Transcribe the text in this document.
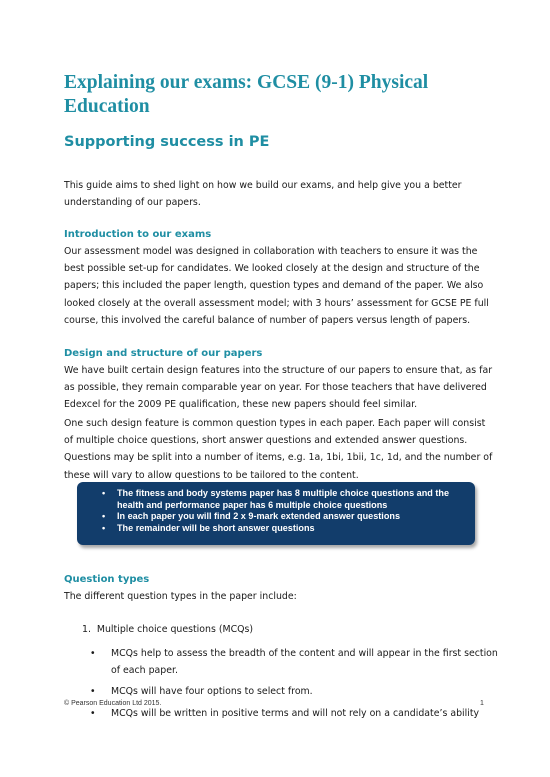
Explaining our exams: GCSE (9-1) Physical Education
Supporting success in PE

This guide aims to shed light on how we build our exams, and help give you a better understanding of our papers.

Introduction to our exams

Our assessment model was designed in collaboration with teachers to ensure it was the best possible set-up for candidates. We looked closely at the design and structure of the papers; this included the paper length, question types and demand of the paper. We also looked closely at the overall assessment model; with 3 hours’ assessment for GCSE PE full course, this involved the careful balance of number of papers versus length of papers.

Design and structure of our papers

We have built certain design features into the structure of our papers to ensure that, as far as possible, they remain comparable year on year. For those teachers that have delivered Edexcel for the 2009 PE qualification, these new papers should feel similar.

One such design feature is common question types in each paper. Each paper will consist of multiple choice questions, short answer questions and extended answer questions. Questions may be split into a number of items, e.g. 1a, 1bi, 1bii, 1c, 1d, and the number of these will vary to allow questions to be tailored to the content.

• The fitness and body systems paper has 8 multiple choice questions and the health and performance paper has 6 multiple choice questions
• In each paper you will find 2 x 9-mark extended answer questions
• The remainder will be short answer questions
Question types

The different question types in the paper include:

1.  Multiple choice questions (MCQs)

• MCQs help to assess the breadth of the content and will appear in the first section of each paper.
• MCQs will have four options to select from.
• MCQs will be written in positive terms and will not rely on a candidate’s ability
© Pearson Education Ltd 2015.	1
